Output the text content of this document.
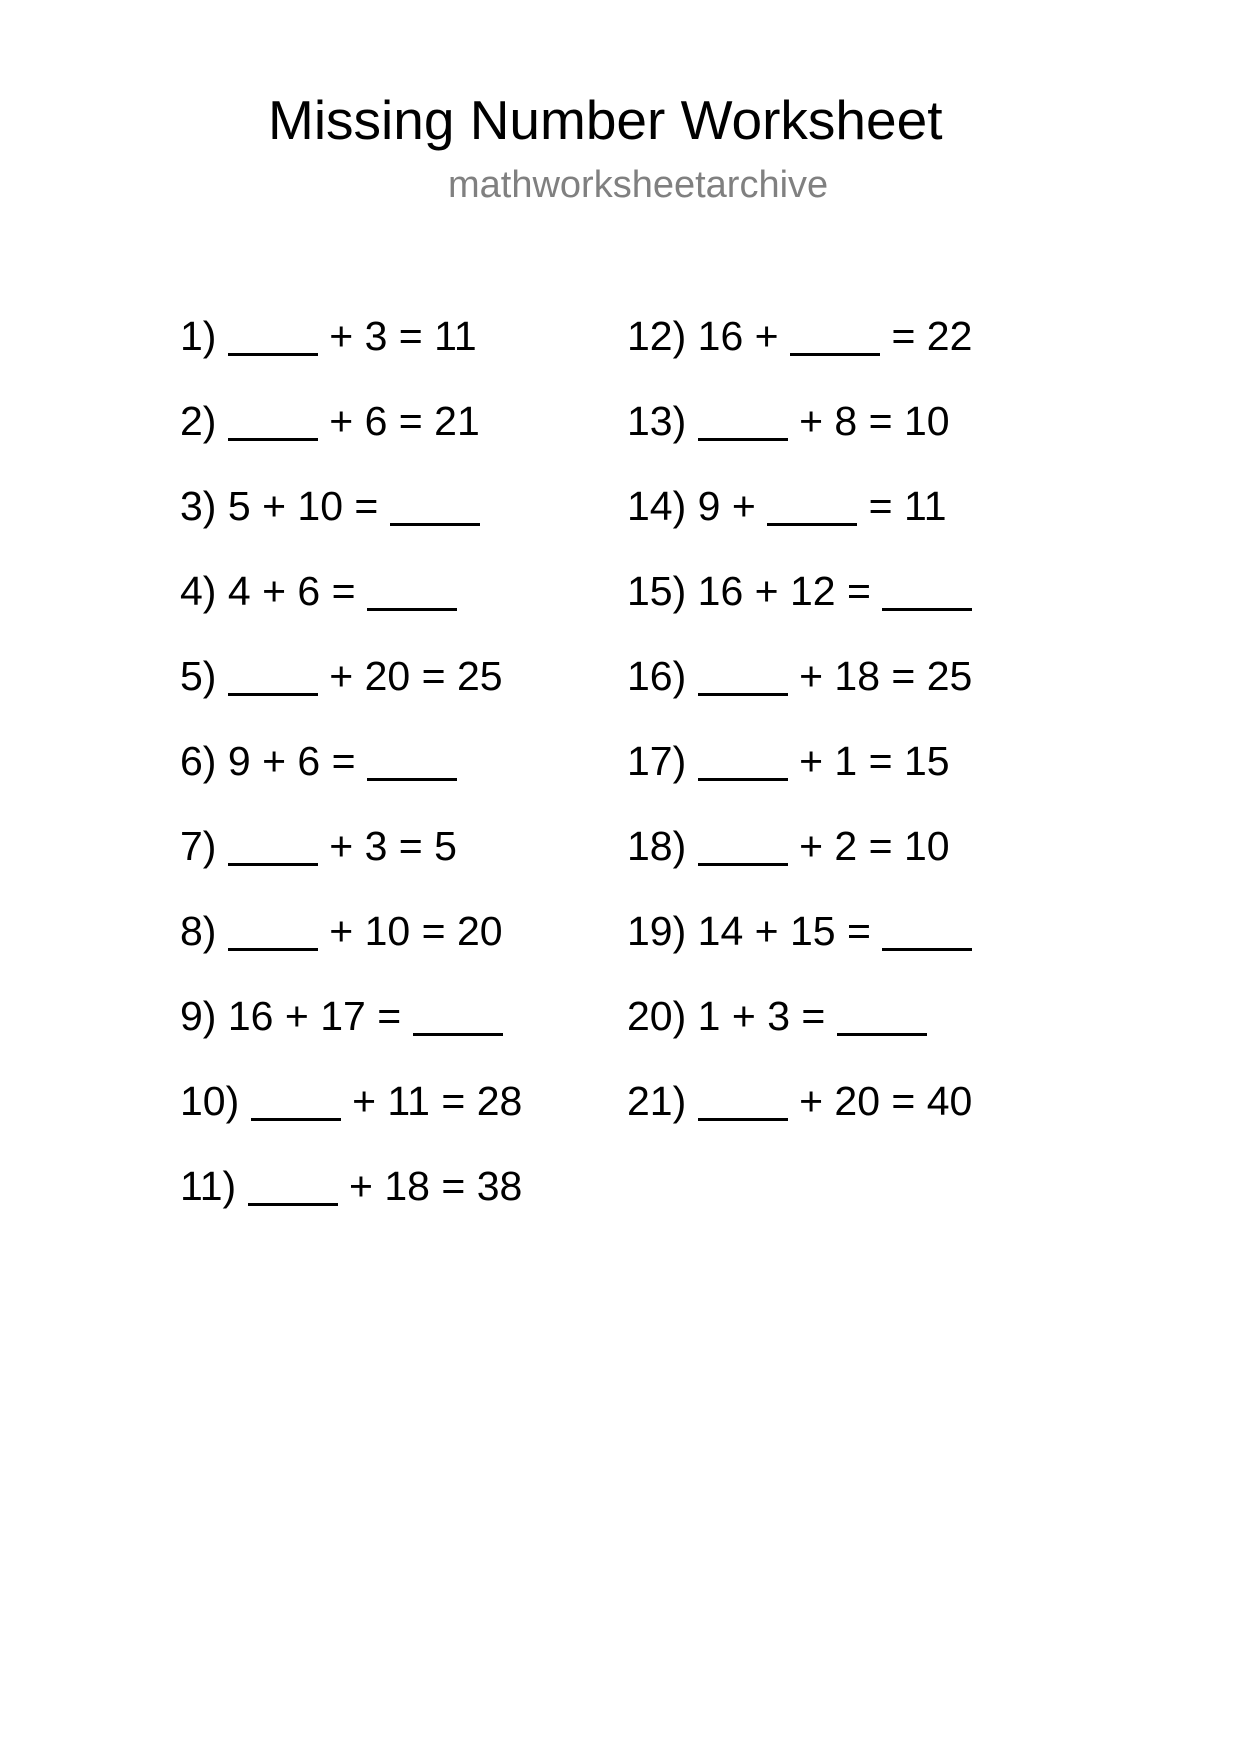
Missing Number Worksheet
mathworksheetarchive
1)	+ 3 = 11
2)	+ 6 = 21
3) 5 + 10 =
4) 4 + 6 =
5)	+ 20 = 25
6) 9 + 6 =
7)	+ 3 = 5
8)	+ 10 = 20
9) 16 + 17 =
10)	+ 11 = 28
11)	+ 18 = 38
12) 16 +	= 22
13)	+ 8 = 10
14) 9 +	= 11
15) 16 + 12 =
16)	+ 18 = 25
17)	+ 1 = 15
18)	+ 2 = 10
19) 14 + 15 =
20) 1 + 3 =
21)	+ 20 = 40
